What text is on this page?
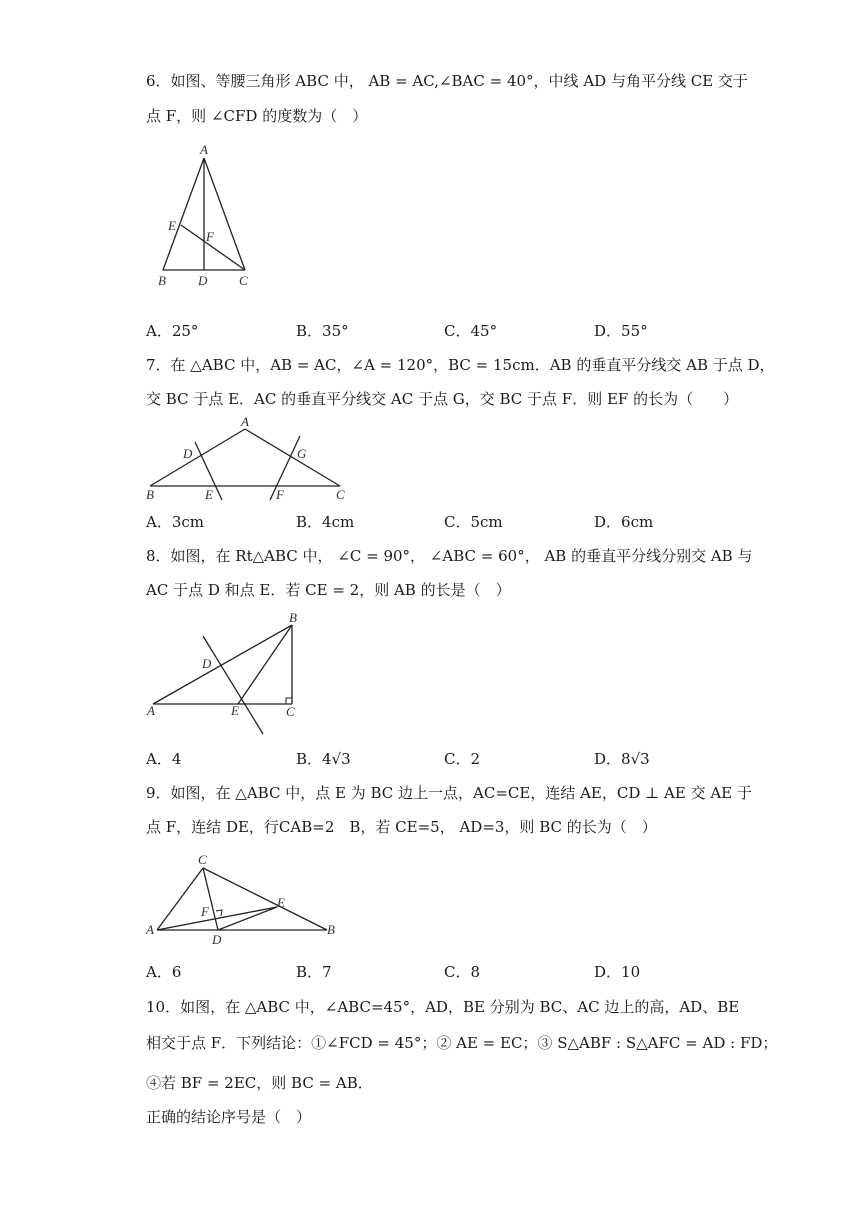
6．如图、等腰三角形 ABC 中， AB = AC,∠BAC = 40°，中线 AD 与角平分线 CE 交于
点 F，则 ∠CFD 的度数为（　）
A
B	C
D
E
F
A．25°	B．35°	C．45°	D．55°
7．在 △ABC 中，AB = AC，∠A = 120°，BC = 15cm．AB 的垂直平分线交 AB 于点 D，
交 BC 于点 E．AC 的垂直平分线交 AC 于点 G，交 BC 于点 F．则 EF 的长为（　　）
A
B	C
D
E	F
G
A．3cm	B．4cm	C．5cm	D．6cm
8．如图，在 Rt△ABC 中， ∠C = 90°， ∠ABC = 60°， AB 的垂直平分线分别交 AB 与
AC 于点 D 和点 E．若 CE = 2，则 AB 的长是（　）
A
B
C
D
E
A．4	B．4√3	C．2	D．8√3
9．如图，在 △ABC 中，点 E 为 BC 边上一点，AC=CE，连结 AE，CD ⊥ AE 交 AE 于
点 F，连结 DE，行CAB=2　B，若 CE=5， AD=3，则 BC 的长为（　）
A	B
C
D
E
F
A．6	B．7	C．8	D．10
10．如图，在 △ABC 中，∠ABC=45°，AD，BE 分别为 BC、AC 边上的高，AD、BE
相交于点 F．下列结论：①∠FCD = 45°；② AE = EC；③ S△ABF : S△AFC = AD : FD；
④若 BF = 2EC，则 BC = AB．
正确的结论序号是（　）
